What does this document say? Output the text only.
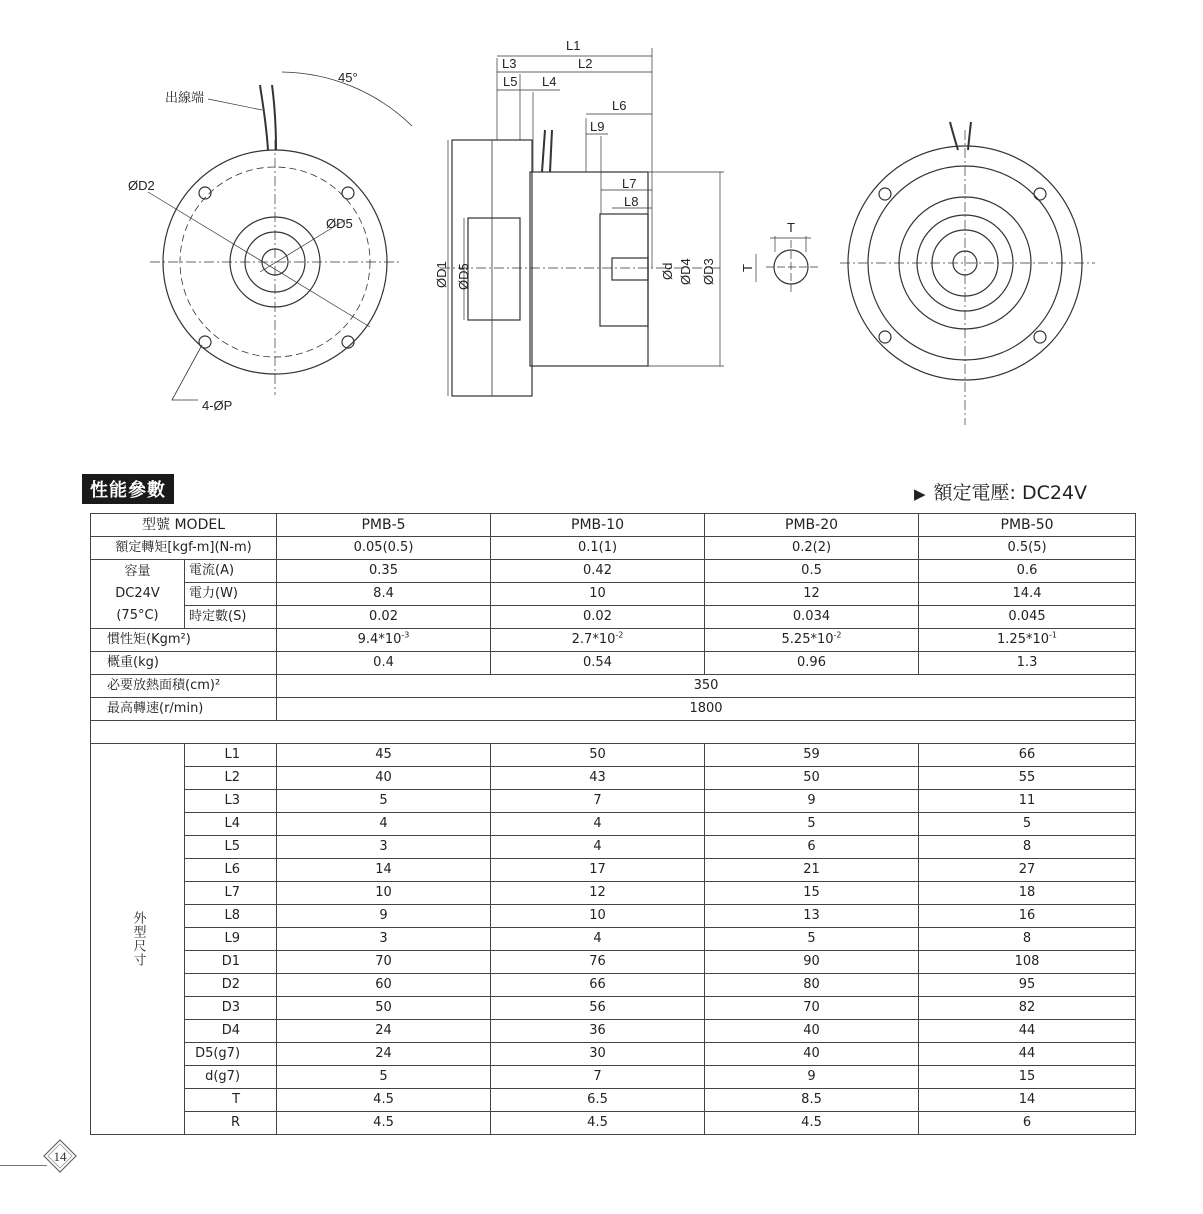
出線端
45°
ØD2
ØD5
4-ØP
L1
L3	L2
L5 L4
L6
L9
L7
L8
ØD1 ØD5	Ød ØD4 ØD3
T
T
性能參數	▶ 額定電壓: DC24V
型號 MODEL		PMB-5	PMB-10	PMB-20	PMB-50
額定轉矩[kgf-m](N-m)		0.05(0.5)	0.1(1)	0.2(2)	0.5(5)

容量
DC24V
(75°C)	電流(A)	0.35	0.42	0.5	0.6
	電力(W)	8.4	10	12	14.4
	時定數(S)	0.02	0.02	0.034	0.045
慣性矩(Kgm²)		$9.4*10^{-3}$	$2.7*10^{-2}$	$5.25*10^{-2}$	$1.25*10^{-1}$
概重(kg)		0.4	0.54	0.96	1.3
必要放熱面積(cm)²		350			
最高轉速(r/min)		1800			

外型尺寸	L1	45	50	59	66
	L2	40	43	50	55
	L3	5	7	9	11
	L4	4	4	5	5
	L5	3	4	6	8
	L6	14	17	21	27
	L7	10	12	15	18
	L8	9	10	13	16
	L9	3	4	5	8
	D1	70	76	90	108
	D2	60	66	80	95
	D3	50	56	70	82
	D4	24	36	40	44
	D5(g7)	24	30	40	44
	d(g7)	5	7	9	15
	T	4.5	6.5	8.5	14
	R	4.5	4.5	4.5	6
14
